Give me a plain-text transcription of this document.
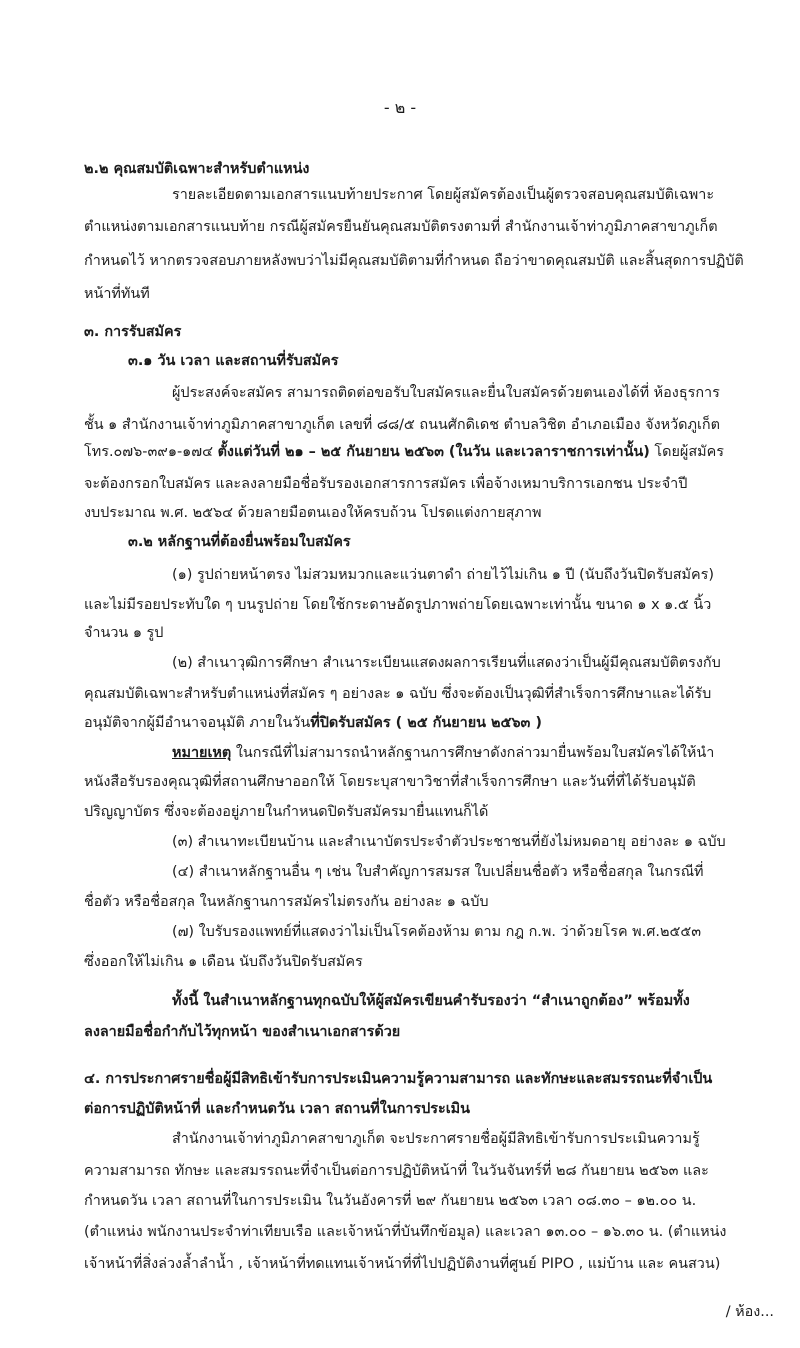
- ๒ -
๒.๒ คุณสมบัติเฉพาะสำหรับตำแหน่ง
รายละเอียดตามเอกสารแนบท้ายประกาศ โดยผู้สมัครต้องเป็นผู้ตรวจสอบคุณสมบัติเฉพาะ
ตำแหน่งตามเอกสารแนบท้าย กรณีผู้สมัครยืนยันคุณสมบัติตรงตามที่ สำนักงานเจ้าท่าภูมิภาคสาขาภูเก็ต
กำหนดไว้ หากตรวจสอบภายหลังพบว่าไม่มีคุณสมบัติตามที่กำหนด ถือว่าขาดคุณสมบัติ และสิ้นสุดการปฏิบัติ
หน้าที่ทันที
๓. การรับสมัคร
๓.๑ วัน เวลา และสถานที่รับสมัคร
ผู้ประสงค์จะสมัคร สามารถติดต่อขอรับใบสมัครและยื่นใบสมัครด้วยตนเองได้ที่ ห้องธุรการ
ชั้น ๑ สำนักงานเจ้าท่าภูมิภาคสาขาภูเก็ต เลขที่ ๘๘/๕ ถนนศักดิเดช ตำบลวิชิต อำเภอเมือง จังหวัดภูเก็ต
โทร.๐๗๖-๓๙๑-๑๗๔ ตั้งแต่วันที่ ๒๑ – ๒๕ กันยายน ๒๕๖๓ (ในวัน และเวลาราชการเท่านั้น) โดยผู้สมัคร
จะต้องกรอกใบสมัคร และลงลายมือชื่อรับรองเอกสารการสมัคร เพื่อจ้างเหมาบริการเอกชน ประจำปี
งบประมาณ พ.ศ. ๒๕๖๔ ด้วยลายมือตนเองให้ครบถ้วน โปรดแต่งกายสุภาพ
๓.๒ หลักฐานที่ต้องยื่นพร้อมใบสมัคร
(๑) รูปถ่ายหน้าตรง ไม่สวมหมวกและแว่นตาดำ ถ่ายไว้ไม่เกิน ๑ ปี (นับถึงวันปิดรับสมัคร)
และไม่มีรอยประทับใด ๆ บนรูปถ่าย โดยใช้กระดาษอัดรูปภาพถ่ายโดยเฉพาะเท่านั้น ขนาด ๑ x ๑.๕ นิ้ว
จำนวน ๑ รูป
(๒) สำเนาวุฒิการศึกษา สำเนาระเบียนแสดงผลการเรียนที่แสดงว่าเป็นผู้มีคุณสมบัติตรงกับ
คุณสมบัติเฉพาะสำหรับตำแหน่งที่สมัคร ๆ อย่างละ ๑ ฉบับ ซึ่งจะต้องเป็นวุฒิที่สำเร็จการศึกษาและได้รับ
อนุมัติจากผู้มีอำนาจอนุมัติ ภายในวันที่ปิดรับสมัคร ( ๒๕ กันยายน ๒๕๖๓ )
หมายเหตุ ในกรณีที่ไม่สามารถนำหลักฐานการศึกษาดังกล่าวมายื่นพร้อมใบสมัครได้ให้นำ
หนังสือรับรองคุณวุฒิที่สถานศึกษาออกให้ โดยระบุสาขาวิชาที่สำเร็จการศึกษา และวันที่ที่ได้รับอนุมัติ
ปริญญาบัตร ซึ่งจะต้องอยู่ภายในกำหนดปิดรับสมัครมายื่นแทนก็ได้
(๓) สำเนาทะเบียนบ้าน และสำเนาบัตรประจำตัวประชาชนที่ยังไม่หมดอายุ อย่างละ ๑ ฉบับ
(๔) สำเนาหลักฐานอื่น ๆ เช่น ใบสำคัญการสมรส ใบเปลี่ยนชื่อตัว หรือชื่อสกุล ในกรณีที่
ชื่อตัว หรือชื่อสกุล ในหลักฐานการสมัครไม่ตรงกัน อย่างละ ๑ ฉบับ
(๗) ใบรับรองแพทย์ที่แสดงว่าไม่เป็นโรคต้องห้าม ตาม กฎ ก.พ. ว่าด้วยโรค พ.ศ.๒๕๕๓
ซึ่งออกให้ไม่เกิน ๑ เดือน นับถึงวันปิดรับสมัคร
ทั้งนี้ ในสำเนาหลักฐานทุกฉบับให้ผู้สมัครเขียนคำรับรองว่า “สำเนาถูกต้อง” พร้อมทั้ง
ลงลายมือชื่อกำกับไว้ทุกหน้า ของสำเนาเอกสารด้วย
๔. การประกาศรายชื่อผู้มีสิทธิเข้ารับการประเมินความรู้ความสามารถ และทักษะและสมรรถนะที่จำเป็น
ต่อการปฏิบัติหน้าที่ และกำหนดวัน เวลา สถานที่ในการประเมิน
สำนักงานเจ้าท่าภูมิภาคสาขาภูเก็ต จะประกาศรายชื่อผู้มีสิทธิเข้ารับการประเมินความรู้
ความสามารถ ทักษะ และสมรรถนะที่จำเป็นต่อการปฏิบัติหน้าที่ ในวันจันทร์ที่ ๒๘ กันยายน ๒๕๖๓ และ
กำหนดวัน เวลา สถานที่ในการประเมิน ในวันอังคารที่ ๒๙ กันยายน ๒๕๖๓ เวลา ๐๘.๓๐ – ๑๒.๐๐ น.
(ตำแหน่ง พนักงานประจำท่าเทียบเรือ และเจ้าหน้าที่บันทึกข้อมูล) และเวลา ๑๓.๐๐ – ๑๖.๓๐ น. (ตำแหน่ง
เจ้าหน้าที่สิ่งล่วงล้ำลำน้ำ , เจ้าหน้าที่ทดแทนเจ้าหน้าที่ที่ไปปฏิบัติงานที่ศูนย์ PIPO , แม่บ้าน และ คนสวน)
/ ห้อง...
